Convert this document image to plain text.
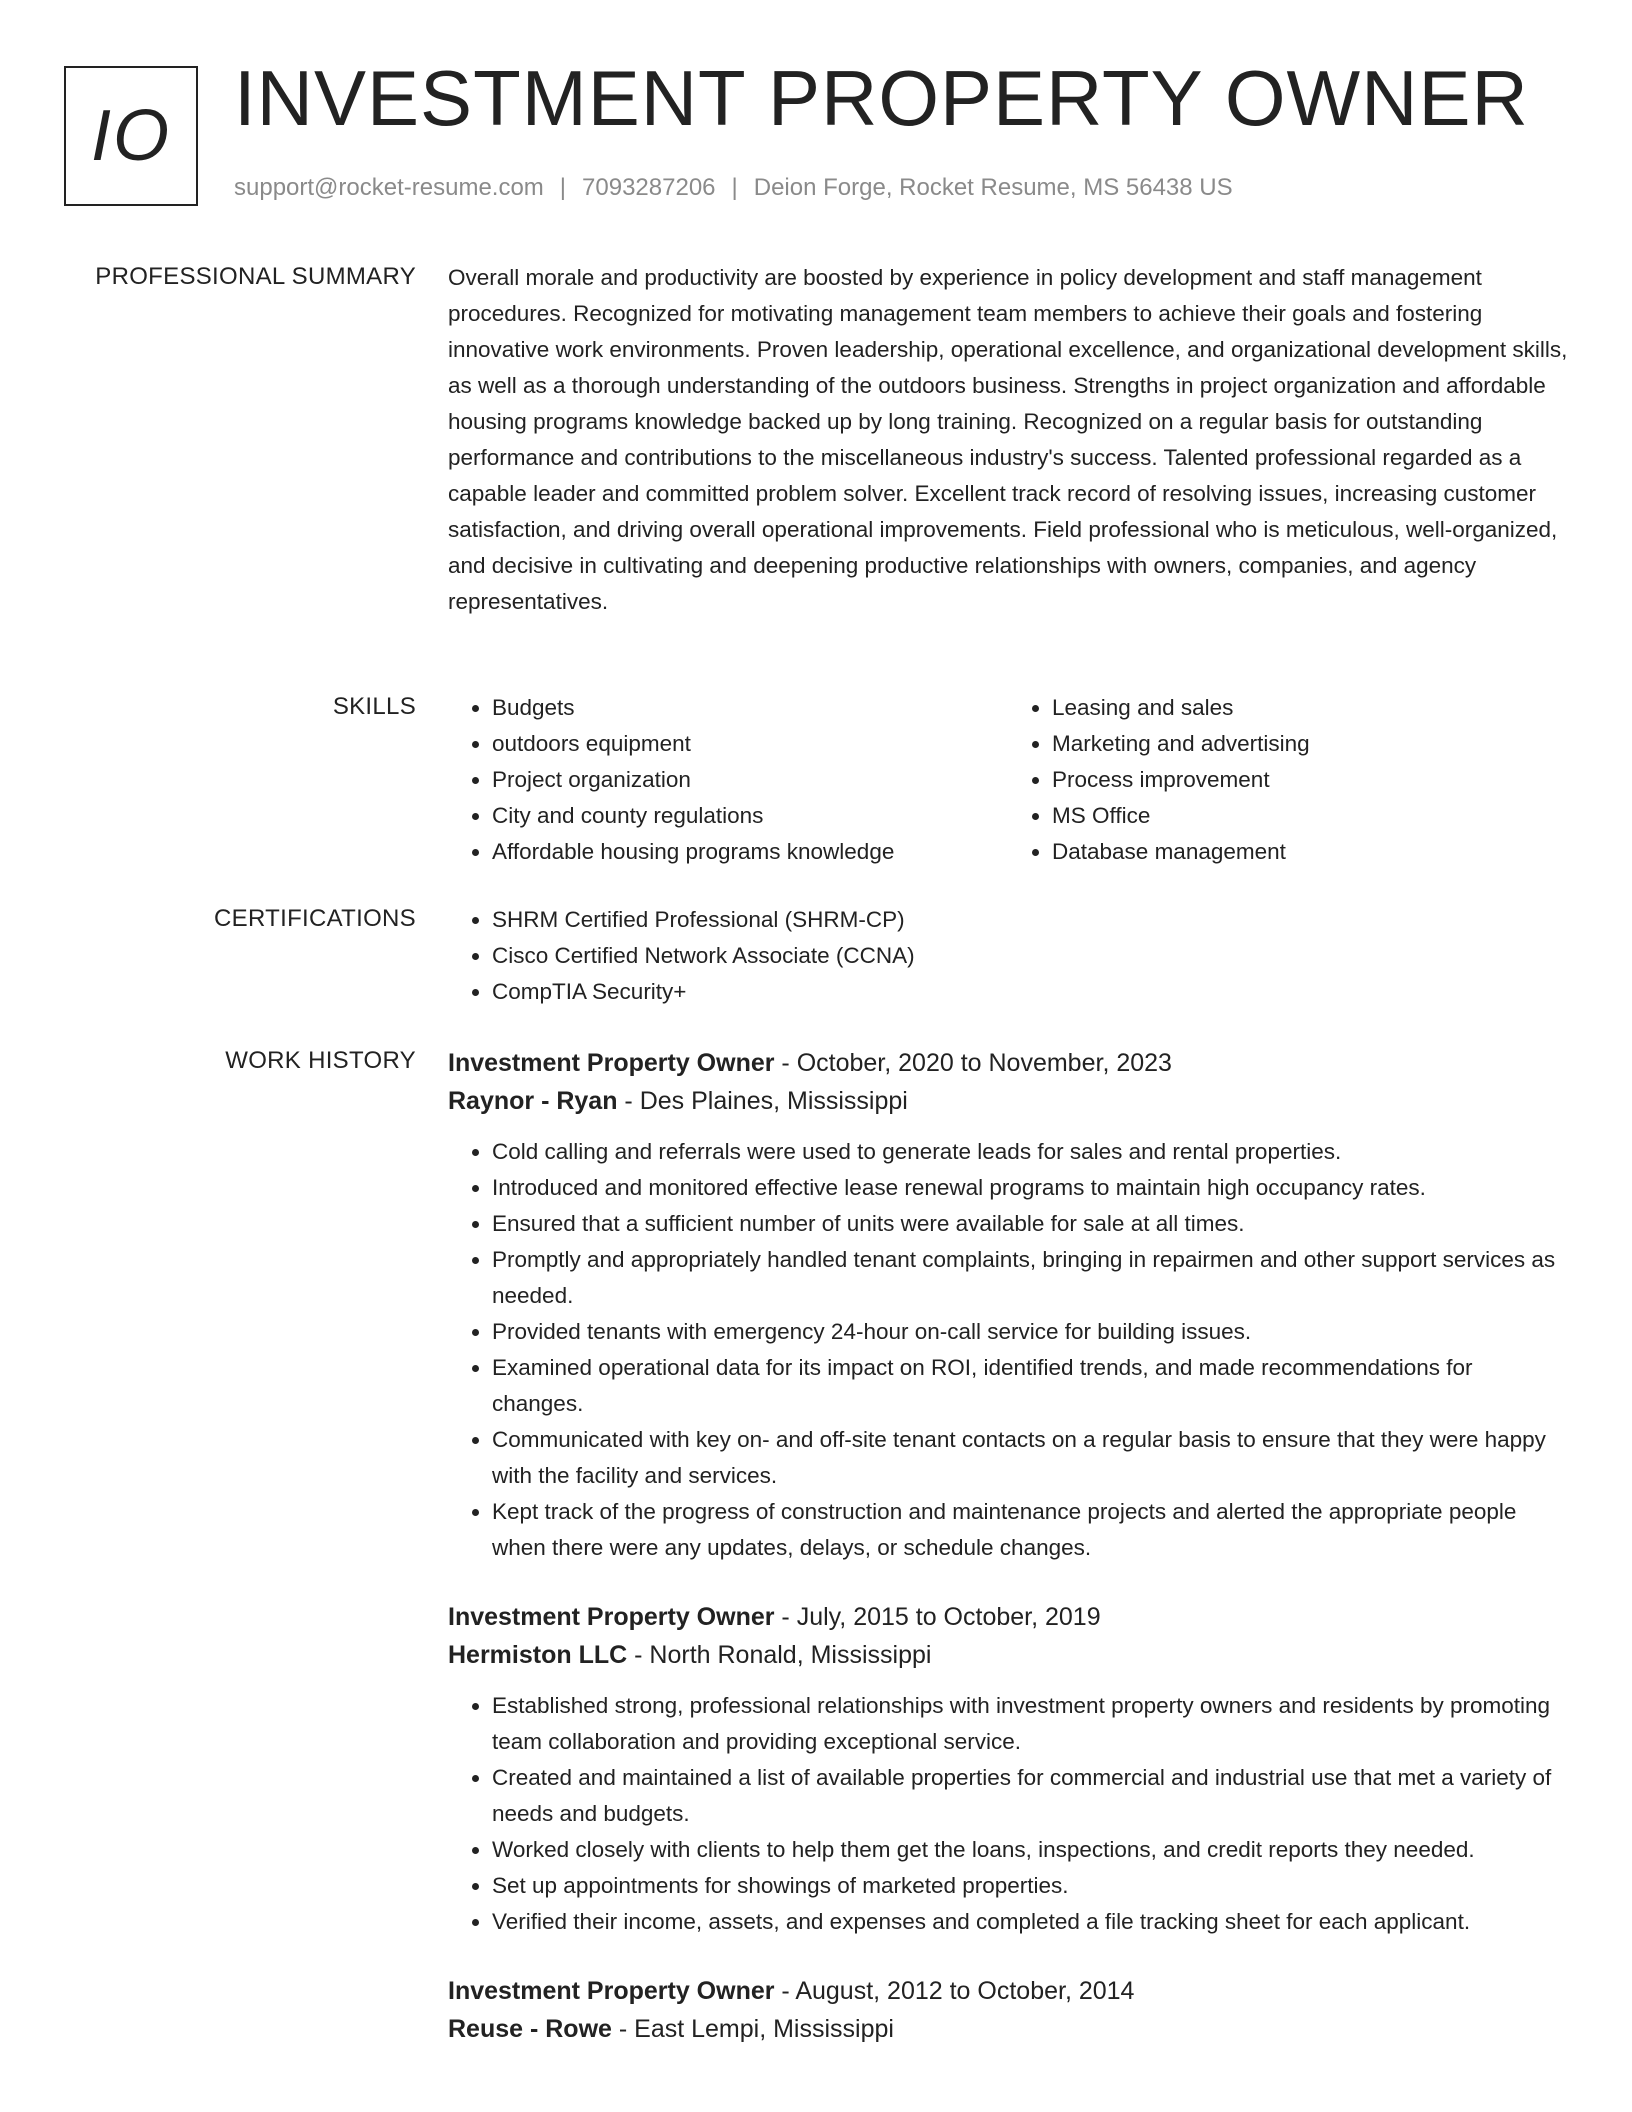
IO INVESTMENT PROPERTY OWNER
support@rocket-resume.com | 7093287206 | Deion Forge, Rocket Resume, MS 56438 US
PROFESSIONAL SUMMARY Overall morale and productivity are boosted by experience in policy development and staff management procedures. Recognized for motivating management team members to achieve their goals and fostering innovative work environments. Proven leadership, operational excellence, and organizational development skills, as well as a thorough understanding of the outdoors business. Strengths in project organization and affordable housing programs knowledge backed up by long training. Recognized on a regular basis for outstanding performance and contributions to the miscellaneous industry's success. Talented professional regarded as a capable leader and committed problem solver. Excellent track record of resolving issues, increasing customer satisfaction, and driving overall operational improvements. Field professional who is meticulous, well-organized, and decisive in cultivating and deepening productive relationships with owners, companies, and agency representatives.

SKILLS	• Budgets
• outdoors equipment
• Project organization
• City and county regulations
• Affordable housing programs knowledge
• Leasing and sales
• Marketing and advertising
• Process improvement
• MS Office
• Database management
CERTIFICATIONS	• SHRM Certified Professional (SHRM-CP)
• Cisco Certified Network Associate (CCNA)
• CompTIA Security+
WORK HISTORY Investment Property Owner - October, 2020 to November, 2023
Raynor - Ryan - Des Plaines, Mississippi
• Cold calling and referrals were used to generate leads for sales and rental properties.
• Introduced and monitored effective lease renewal programs to maintain high occupancy rates.
• Ensured that a sufficient number of units were available for sale at all times.
• Promptly and appropriately handled tenant complaints, bringing in repairmen and other support services as needed.
• Provided tenants with emergency 24-hour on-call service for building issues.
• Examined operational data for its impact on ROI, identified trends, and made recommendations for changes.
• Communicated with key on- and off-site tenant contacts on a regular basis to ensure that they were happy with the facility and services.
• Kept track of the progress of construction and maintenance projects and alerted the appropriate people when there were any updates, delays, or schedule changes.
Investment Property Owner - July, 2015 to October, 2019
Hermiston LLC - North Ronald, Mississippi
• Established strong, professional relationships with investment property owners and residents by promoting team collaboration and providing exceptional service.
• Created and maintained a list of available properties for commercial and industrial use that met a variety of needs and budgets.
• Worked closely with clients to help them get the loans, inspections, and credit reports they needed.
• Set up appointments for showings of marketed properties.
• Verified their income, assets, and expenses and completed a file tracking sheet for each applicant.
Investment Property Owner - August, 2012 to October, 2014
Reuse - Rowe - East Lempi, Mississippi
